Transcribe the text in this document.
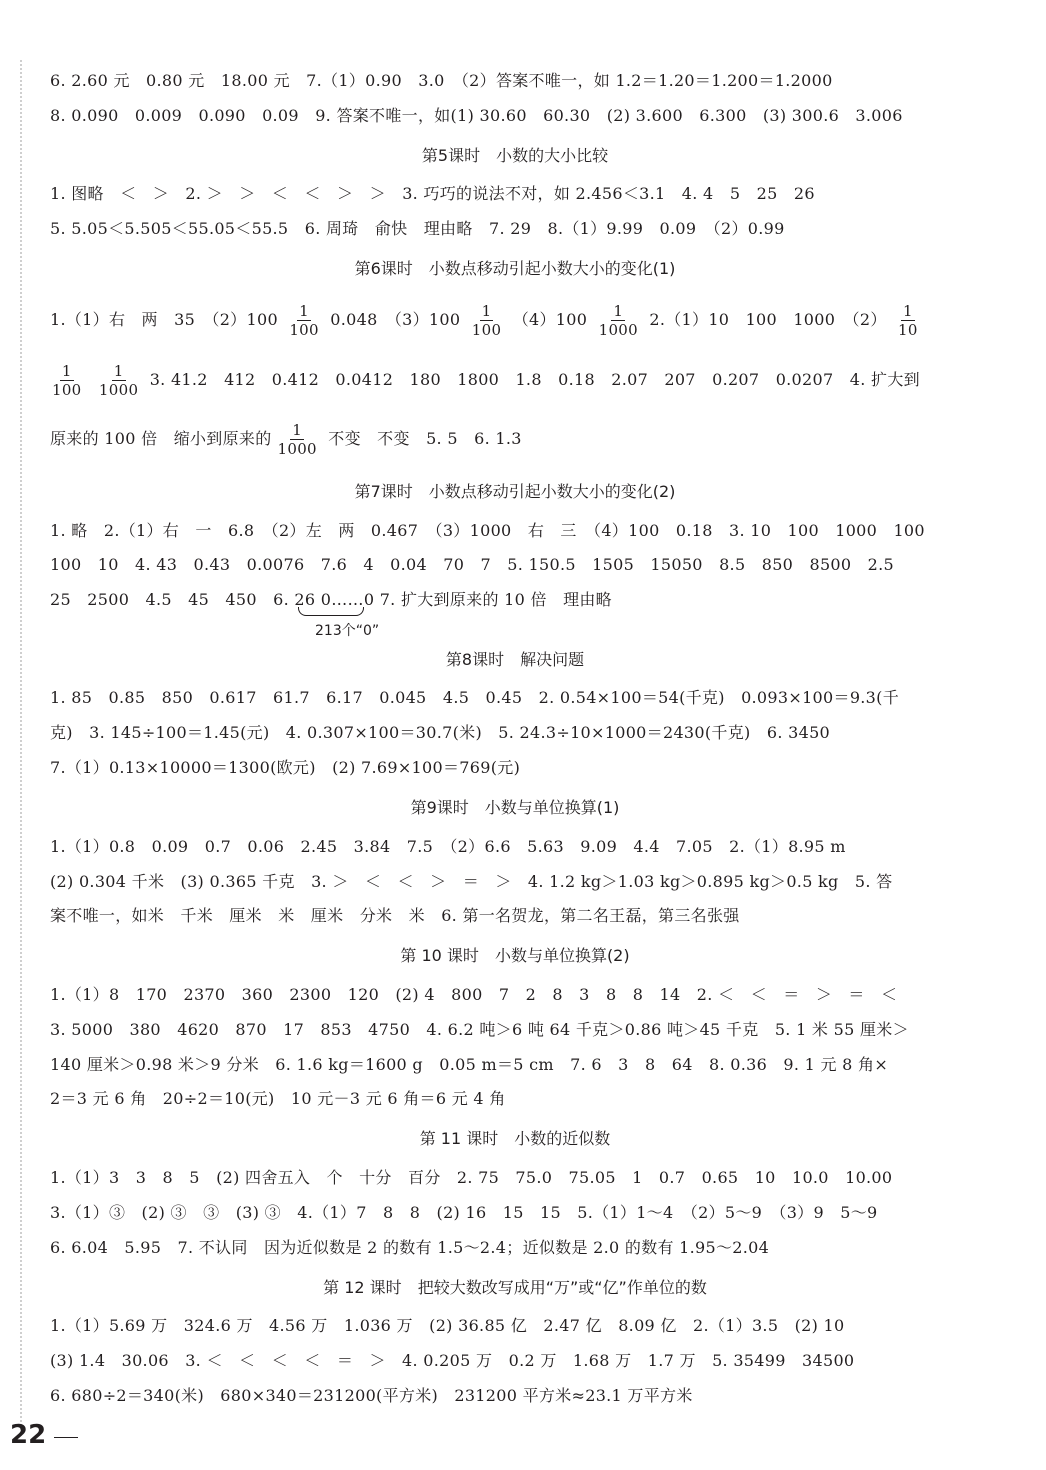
6. 2.60 元　0.80 元　18.00 元　7.（1）0.90　3.0　（2）答案不唯一，如 1.2＝1.20＝1.200＝1.2000
8. 0.090　0.009　0.090　0.09　9. 答案不唯一，如(1) 30.60　60.30　(2) 3.600　6.300　(3) 300.6　3.006
第5课时 小数的大小比较
1. 图略　＜　＞　2. ＞　＞　＜　＜　＞　＞　3. 巧巧的说法不对，如 2.456＜3.1　4. 4　5　25　26
5. 5.05＜5.505＜55.05＜55.5　6. 周琦　俞快　理由略　7. 29　8.（1）9.99　0.09　（2）0.99
第6课时 小数点移动引起小数大小的变化(1)
1.（1）右　两　35　$(2)100 \frac{1}{100} 0.048$　$(3)100 \frac{1}{100} (4)100 \frac{1}{1000} 2.(1)10$　100　1000　$(2) \frac{1}{10}$
$\frac{1}{100}$
$\frac{1}{1000} 3$. 41.2　412　0.412　0.0412　180　1800　1.8　0.18　2.07　207　0.207　0.0207　4. 扩大到
原来的 100 倍　缩小到原来的 $\frac{1}{1000}$ 不变　不变　5. 5　6. 1.3
第7课时 小数点移动引起小数大小的变化(2)
1. 略　2.（1）右　一　6.8　（2）左　两　0.467　（3）1000　右　三　（4）100　0.18　3. 10　100　1000　100
100　10　4. 43　0.43　0.0076　7.6　4　0.04　70　7　5. 150.5　1505　15050　8.5　850　8500　2.5
25　2500　4.5　45　450　6. 26 0……0 7. 扩大到原来的 10 倍　理由略
213个“0”
第8课时 解决问题
1. 85　0.85　850　0.617　61.7　6.17　0.045　4.5　0.45　2. 0.54×100＝54(千克)　0.093×100＝9.3(千
克)　3. 145÷100＝1.45(元)　4. 0.307×100＝30.7(米)　5. 24.3÷10×1000＝2430(千克)　6. 3450
7.（1）0.13×10000＝1300(欧元)　(2) 7.69×100＝769(元)
第9课时 小数与单位换算(1)
1.（1）0.8　0.09　0.7　0.06　2.45　3.84　7.5　（2）6.6　5.63　9.09　4.4　7.05　2.（1）8.95 m
(2) 0.304 千米　(3) 0.365 千克　3. ＞　＜　＜　＞　＝　＞　4. 1.2 kg＞1.03 kg＞0.895 kg＞0.5 kg　5. 答
案不唯一，如米　千米　厘米　米　厘米　分米　米　6. 第一名贺龙，第二名王磊，第三名张强
第 10 课时 小数与单位换算(2)
1.（1）8　170　2370　360　2300　120　(2) 4　800　7　2　8　3　8　8　14　2. ＜　＜　＝　＞　＝　＜
3. 5000　380　4620　870　17　853　4750　4. 6.2 吨＞6 吨 64 千克＞0.86 吨＞45 千克　5. 1 米 55 厘米＞
140 厘米＞0.98 米＞9 分米　6. 1.6 kg＝1600 g　0.05 m＝5 cm　7. 6　3　8　64　8. 0.36　9. 1 元 8 角×
2＝3 元 6 角　20÷2＝10(元)　10 元－3 元 6 角＝6 元 4 角
第 11 课时 小数的近似数
1.（1）3　3　8　5　(2) 四舍五入　个　十分　百分　2. 75　75.0　75.05　1　0.7　0.65　10　10.0　10.00
3.（1）③　(2) ③　③　(3) ③　4.（1）7　8　8　(2) 16　15　15　5.（1）1～4　（2）5～9　（3）9　5～9
6. 6.04　5.95　7. 不认同　因为近似数是 2 的数有 1.5～2.4；近似数是 2.0 的数有 1.95～2.04
第 12 课时 把较大数改写成用“万”或“亿”作单位的数
1.（1）5.69 万　324.6 万　4.56 万　1.036 万　(2) 36.85 亿　2.47 亿　8.09 亿　2.（1）3.5　(2) 10
(3) 1.4　30.06　3. ＜　＜　＜　＜　＝　＞　4. 0.205 万　0.2 万　1.68 万　1.7 万　5. 35499　34500
6. 680÷2＝340(米)　680×340＝231200(平方米)　231200 平方米≈23.1 万平方米
22
